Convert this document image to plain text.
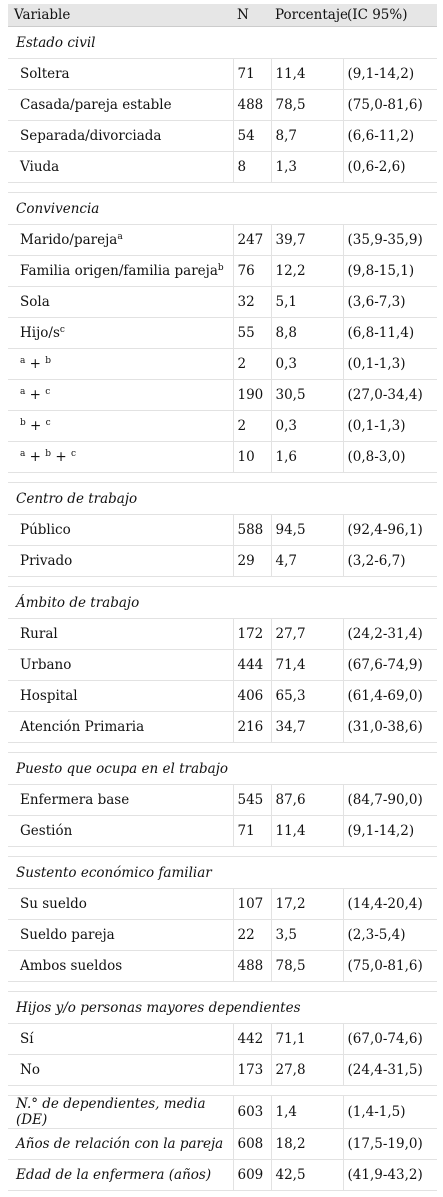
Variable	N	Porcentaje	(IC 95%)
Estado civil			
Soltera	71	11,4	(9,1-14,2)
Casada/pareja estable	488	78,5	(75,0-81,6)
Separada/divorciada	54	8,7	(6,6-11,2)
Viuda	8	1,3	(0,6-2,6)

Convivencia			
Marido/pareja$^a$	247	39,7	(35,9-35,9)
Familia origen/familia pareja$^b$	76	12,2	(9,8-15,1)
Sola	32	5,1	(3,6-7,3)
Hijo/$s^c$	55	8,8	(6,8-11,4)
$^a$ + $^b$	2	0,3	(0,1-1,3)
$^a$ + $^c$	190	30,5	(27,0-34,4)
$^b$ + $^c$	2	0,3	(0,1-1,3)
$^a$ + $^b$ + $^c$	10	1,6	(0,8-3,0)

Centro de trabajo			
Público	588	94,5	(92,4-96,1)
Privado	29	4,7	(3,2-6,7)

Ámbito de trabajo			
Rural	172	27,7	(24,2-31,4)
Urbano	444	71,4	(67,6-74,9)
Hospital	406	65,3	(61,4-69,0)
Atención Primaria	216	34,7	(31,0-38,6)

Puesto que ocupa en el trabajo			
Enfermera base	545	87,6	(84,7-90,0)
Gestión	71	11,4	(9,1-14,2)

Sustento económico familiar			
Su sueldo	107	17,2	(14,4-20,4)
Sueldo pareja	22	3,5	(2,3-5,4)
Ambos sueldos	488	78,5	(75,0-81,6)

Hijos y/o personas mayores dependientes			
Sí	442	71,1	(67,0-74,6)
No	173	27,8	(24,4-31,5)

N.° de dependientes, media (DE)	603	1,4	(1,4-1,5)
Años de relación con la pareja	608	18,2	(17,5-19,0)
Edad de la enfermera (años)	609	42,5	(41,9-43,2)
